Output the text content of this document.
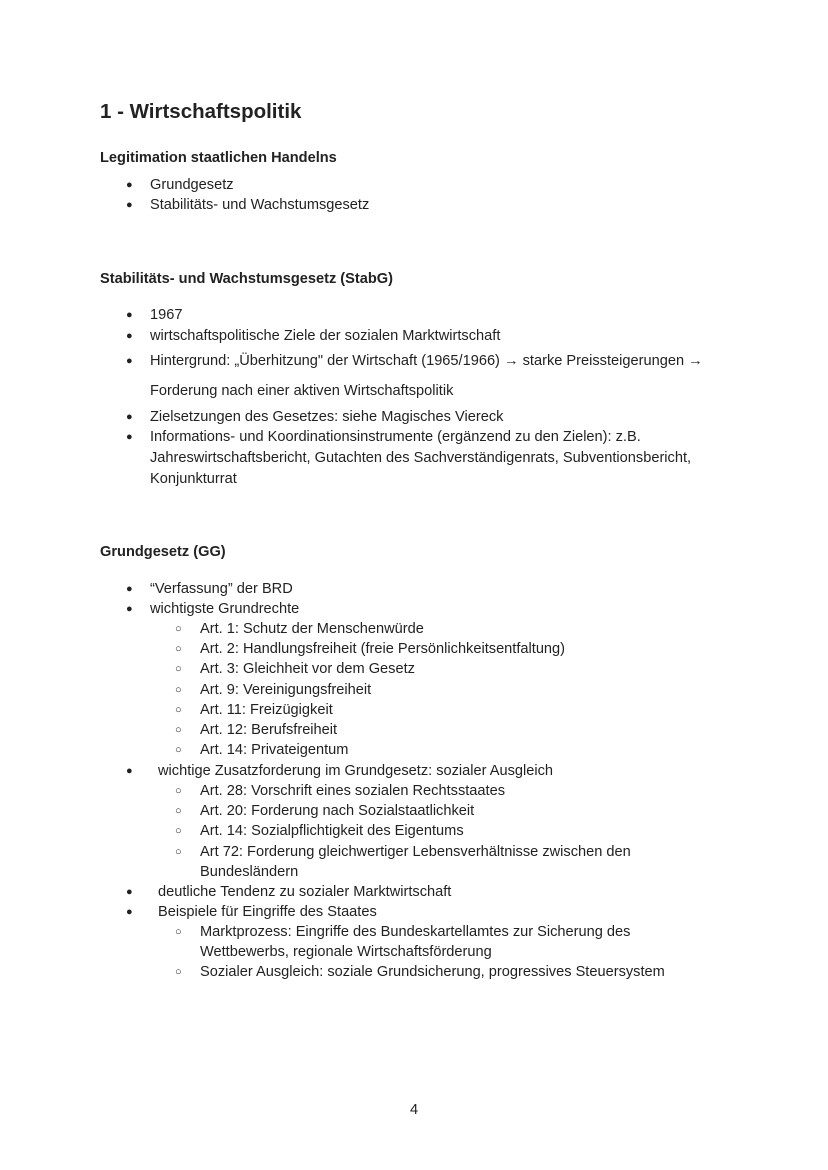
1 - Wirtschaftspolitik
Legitimation staatlichen Handelns
● Grundgesetz
● Stabilitäts- und Wachstumsgesetz
Stabilitäts- und Wachstumsgesetz (StabG)
● 1967
● wirtschaftspolitische Ziele der sozialen Marktwirtschaft
● Hintergrund: „Überhitzung" der Wirtschaft (1965/1966) → starke Preissteigerungen →
Forderung nach einer aktiven Wirtschaftspolitik
● Zielsetzungen des Gesetzes: siehe Magisches Viereck
● Informations- und Koordinationsinstrumente (ergänzend zu den Zielen): z.B.
Jahreswirtschaftsbericht, Gutachten des Sachverständigenrats, Subventionsbericht,
Konjunkturrat
Grundgesetz (GG)
● “Verfassung” der BRD
● wichtigste Grundrechte
○ Art. 1: Schutz der Menschenwürde
○ Art. 2: Handlungsfreiheit (freie Persönlichkeitsentfaltung)
○ Art. 3: Gleichheit vor dem Gesetz
○ Art. 9: Vereinigungsfreiheit
○ Art. 11: Freizügigkeit
○ Art. 12: Berufsfreiheit
○ Art. 14: Privateigentum
● wichtige Zusatzforderung im Grundgesetz: sozialer Ausgleich
○ Art. 28: Vorschrift eines sozialen Rechtsstaates
○ Art. 20: Forderung nach Sozialstaatlichkeit
○ Art. 14: Sozialpflichtigkeit des Eigentums
○ Art 72: Forderung gleichwertiger Lebensverhältnisse zwischen den
Bundesländern
● deutliche Tendenz zu sozialer Marktwirtschaft
● Beispiele für Eingriffe des Staates
○ Marktprozess: Eingriffe des Bundeskartellamtes zur Sicherung des
Wettbewerbs, regionale Wirtschaftsförderung
○ Sozialer Ausgleich: soziale Grundsicherung, progressives Steuersystem
4
